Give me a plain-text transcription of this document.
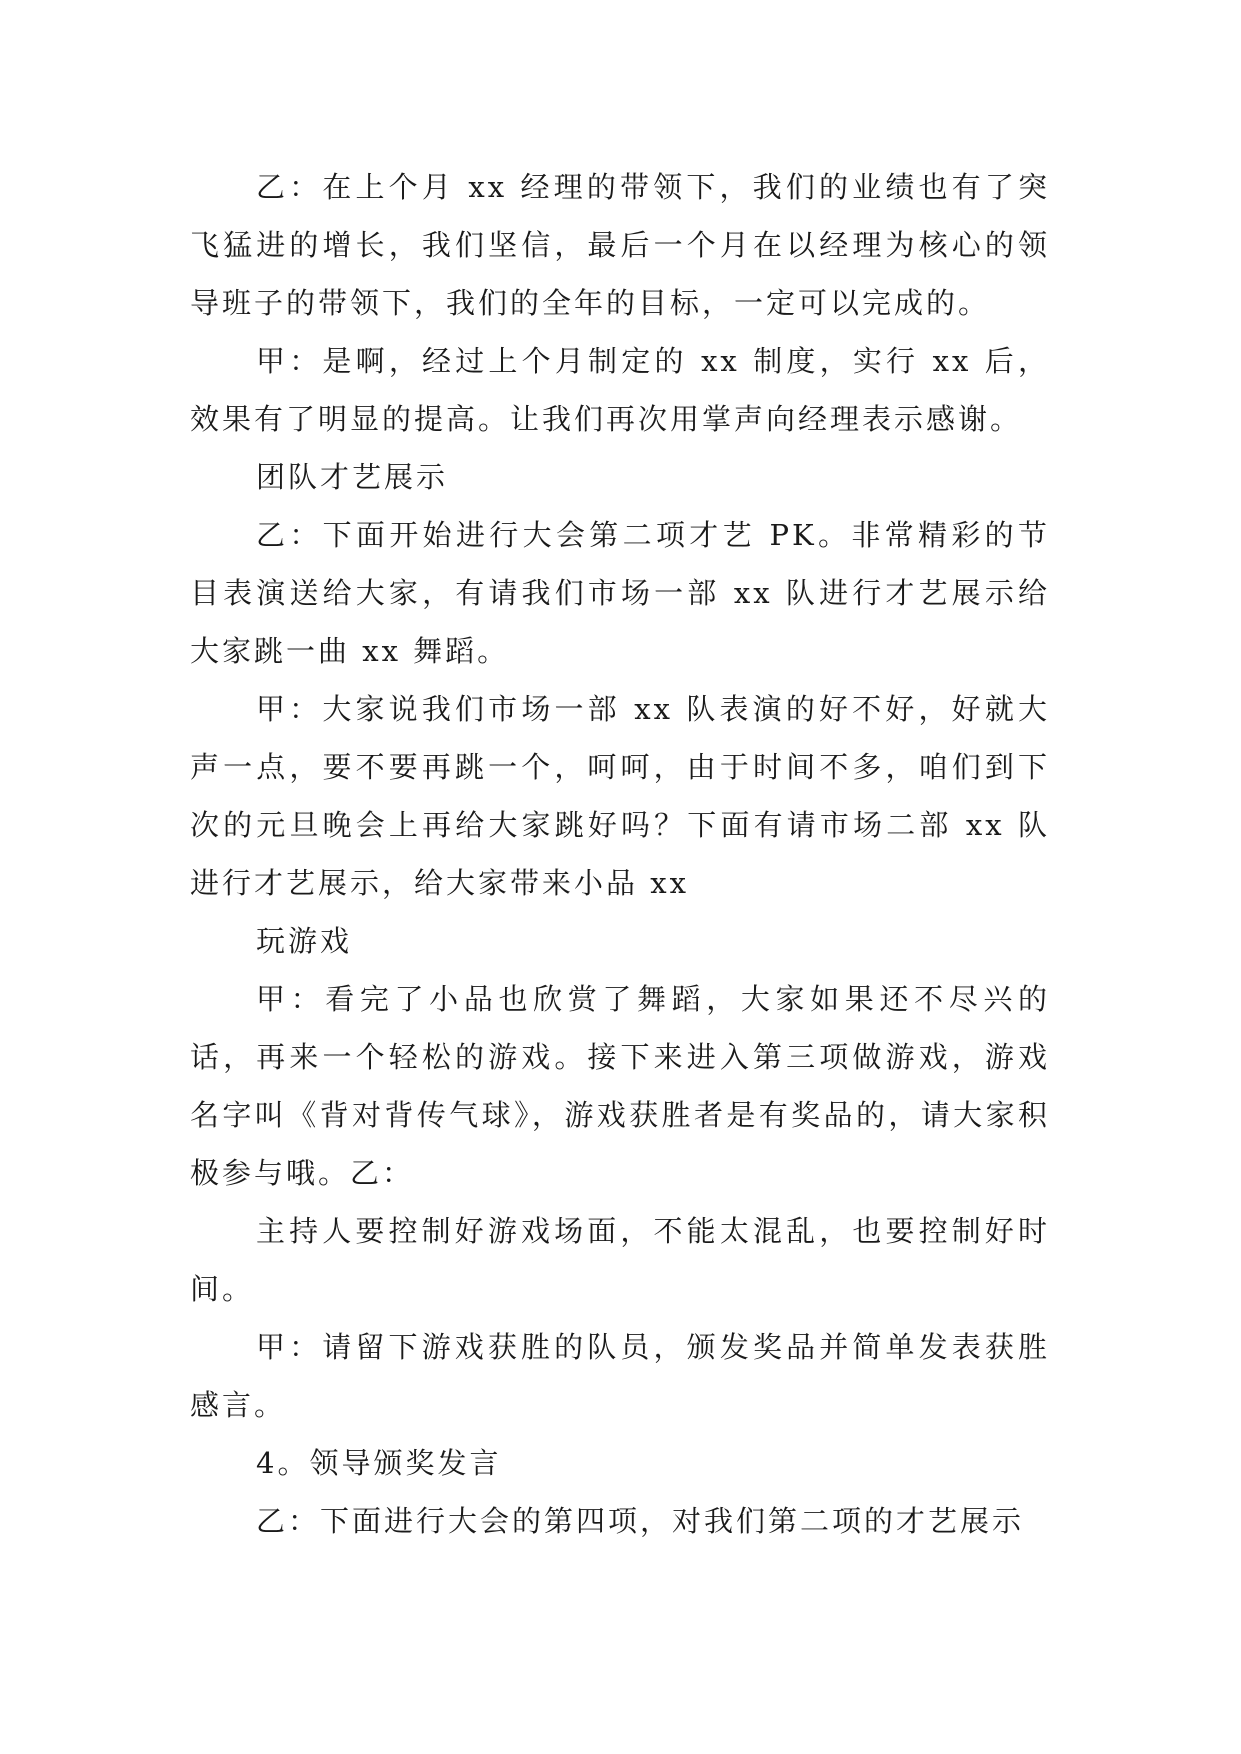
乙：在上个月 xx 经理的带领下，我们的业绩也有了突飞猛进的增长，我们坚信，最后一个月在以经理为核心的领导班子的带领下，我们的全年的目标，一定可以完成的。

甲：是啊，经过上个月制定的 xx 制度，实行 xx 后，效果有了明显的提高。让我们再次用掌声向经理表示感谢。

团队才艺展示

乙：下面开始进行大会第二项才艺 PK。非常精彩的节目表演送给大家，有请我们市场一部 xx 队进行才艺展示给大家跳一曲 xx 舞蹈。

甲：大家说我们市场一部 xx 队表演的好不好，好就大声一点，要不要再跳一个，呵呵，由于时间不多，咱们到下次的元旦晚会上再给大家跳好吗？下面有请市场二部 xx 队进行才艺展示，给大家带来小品 xx

玩游戏

甲：看完了小品也欣赏了舞蹈，大家如果还不尽兴的话，再来一个轻松的游戏。接下来进入第三项做游戏，游戏名字叫《背对背传气球》，游戏获胜者是有奖品的，请大家积极参与哦。乙：

主持人要控制好游戏场面，不能太混乱，也要控制好时间。

甲：请留下游戏获胜的队员，颁发奖品并简单发表获胜感言。

4。领导颁奖发言

乙：下面进行大会的第四项，对我们第二项的才艺展示
